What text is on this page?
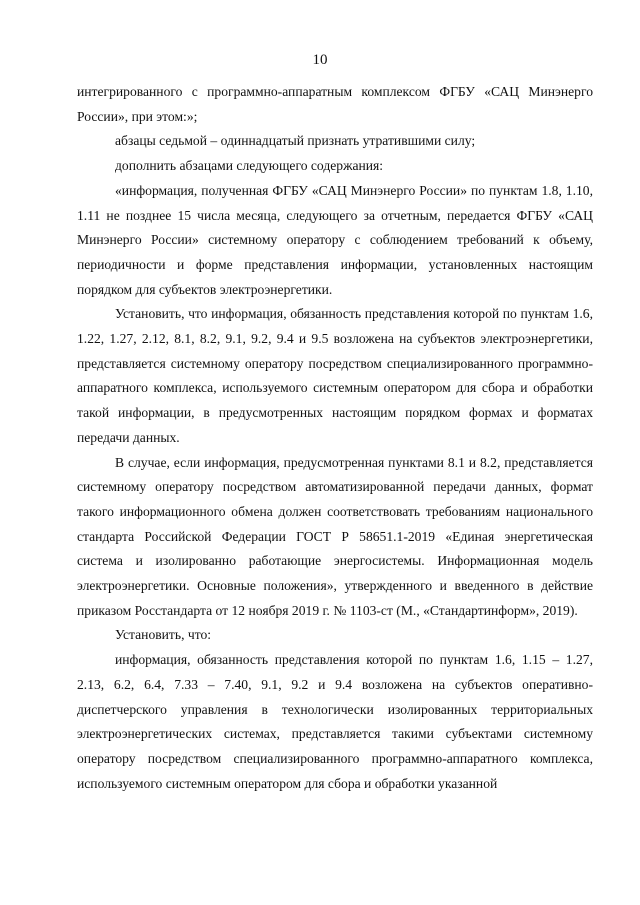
10

интегрированного с программно-аппаратным комплексом ФГБУ «САЦ Минэнерго России», при этом:»;

абзацы седьмой – одиннадцатый признать утратившими силу;

дополнить абзацами следующего содержания:

«информация, полученная ФГБУ «САЦ Минэнерго России» по пунктам 1.8, 1.10, 1.11 не позднее 15 числа месяца, следующего за отчетным, передается ФГБУ «САЦ Минэнерго России» системному оператору с соблюдением требований к объему, периодичности и форме представления информации, установленных настоящим порядком для субъектов электроэнергетики.

Установить, что информация, обязанность представления которой по пунктам 1.6, 1.22, 1.27, 2.12, 8.1, 8.2, 9.1, 9.2, 9.4 и 9.5 возложена на субъектов электроэнергетики, представляется системному оператору посредством специализированного программно-аппаратного комплекса, используемого системным оператором для сбора и обработки такой информации, в предусмотренных настоящим порядком формах и форматах передачи данных.

В случае, если информация, предусмотренная пунктами 8.1 и 8.2, представляется системному оператору посредством автоматизированной передачи данных, формат такого информационного обмена должен соответствовать требованиям национального стандарта Российской Федерации ГОСТ Р 58651.1-2019 «Единая энергетическая система и изолированно работающие энергосистемы. Информационная модель электроэнергетики. Основные положения», утвержденного и введенного в действие приказом Росстандарта от 12 ноября 2019 г. № 1103-ст (М., «Стандартинформ», 2019).

Установить, что:

информация, обязанность представления которой по пунктам 1.6, 1.15 – 1.27, 2.13, 6.2, 6.4, 7.33 – 7.40, 9.1, 9.2 и 9.4 возложена на субъектов оперативно-диспетчерского управления в технологически изолированных территориальных электроэнергетических системах, представляется такими субъектами системному оператору посредством специализированного программно-аппаратного комплекса, используемого системным оператором для сбора и обработки указанной
